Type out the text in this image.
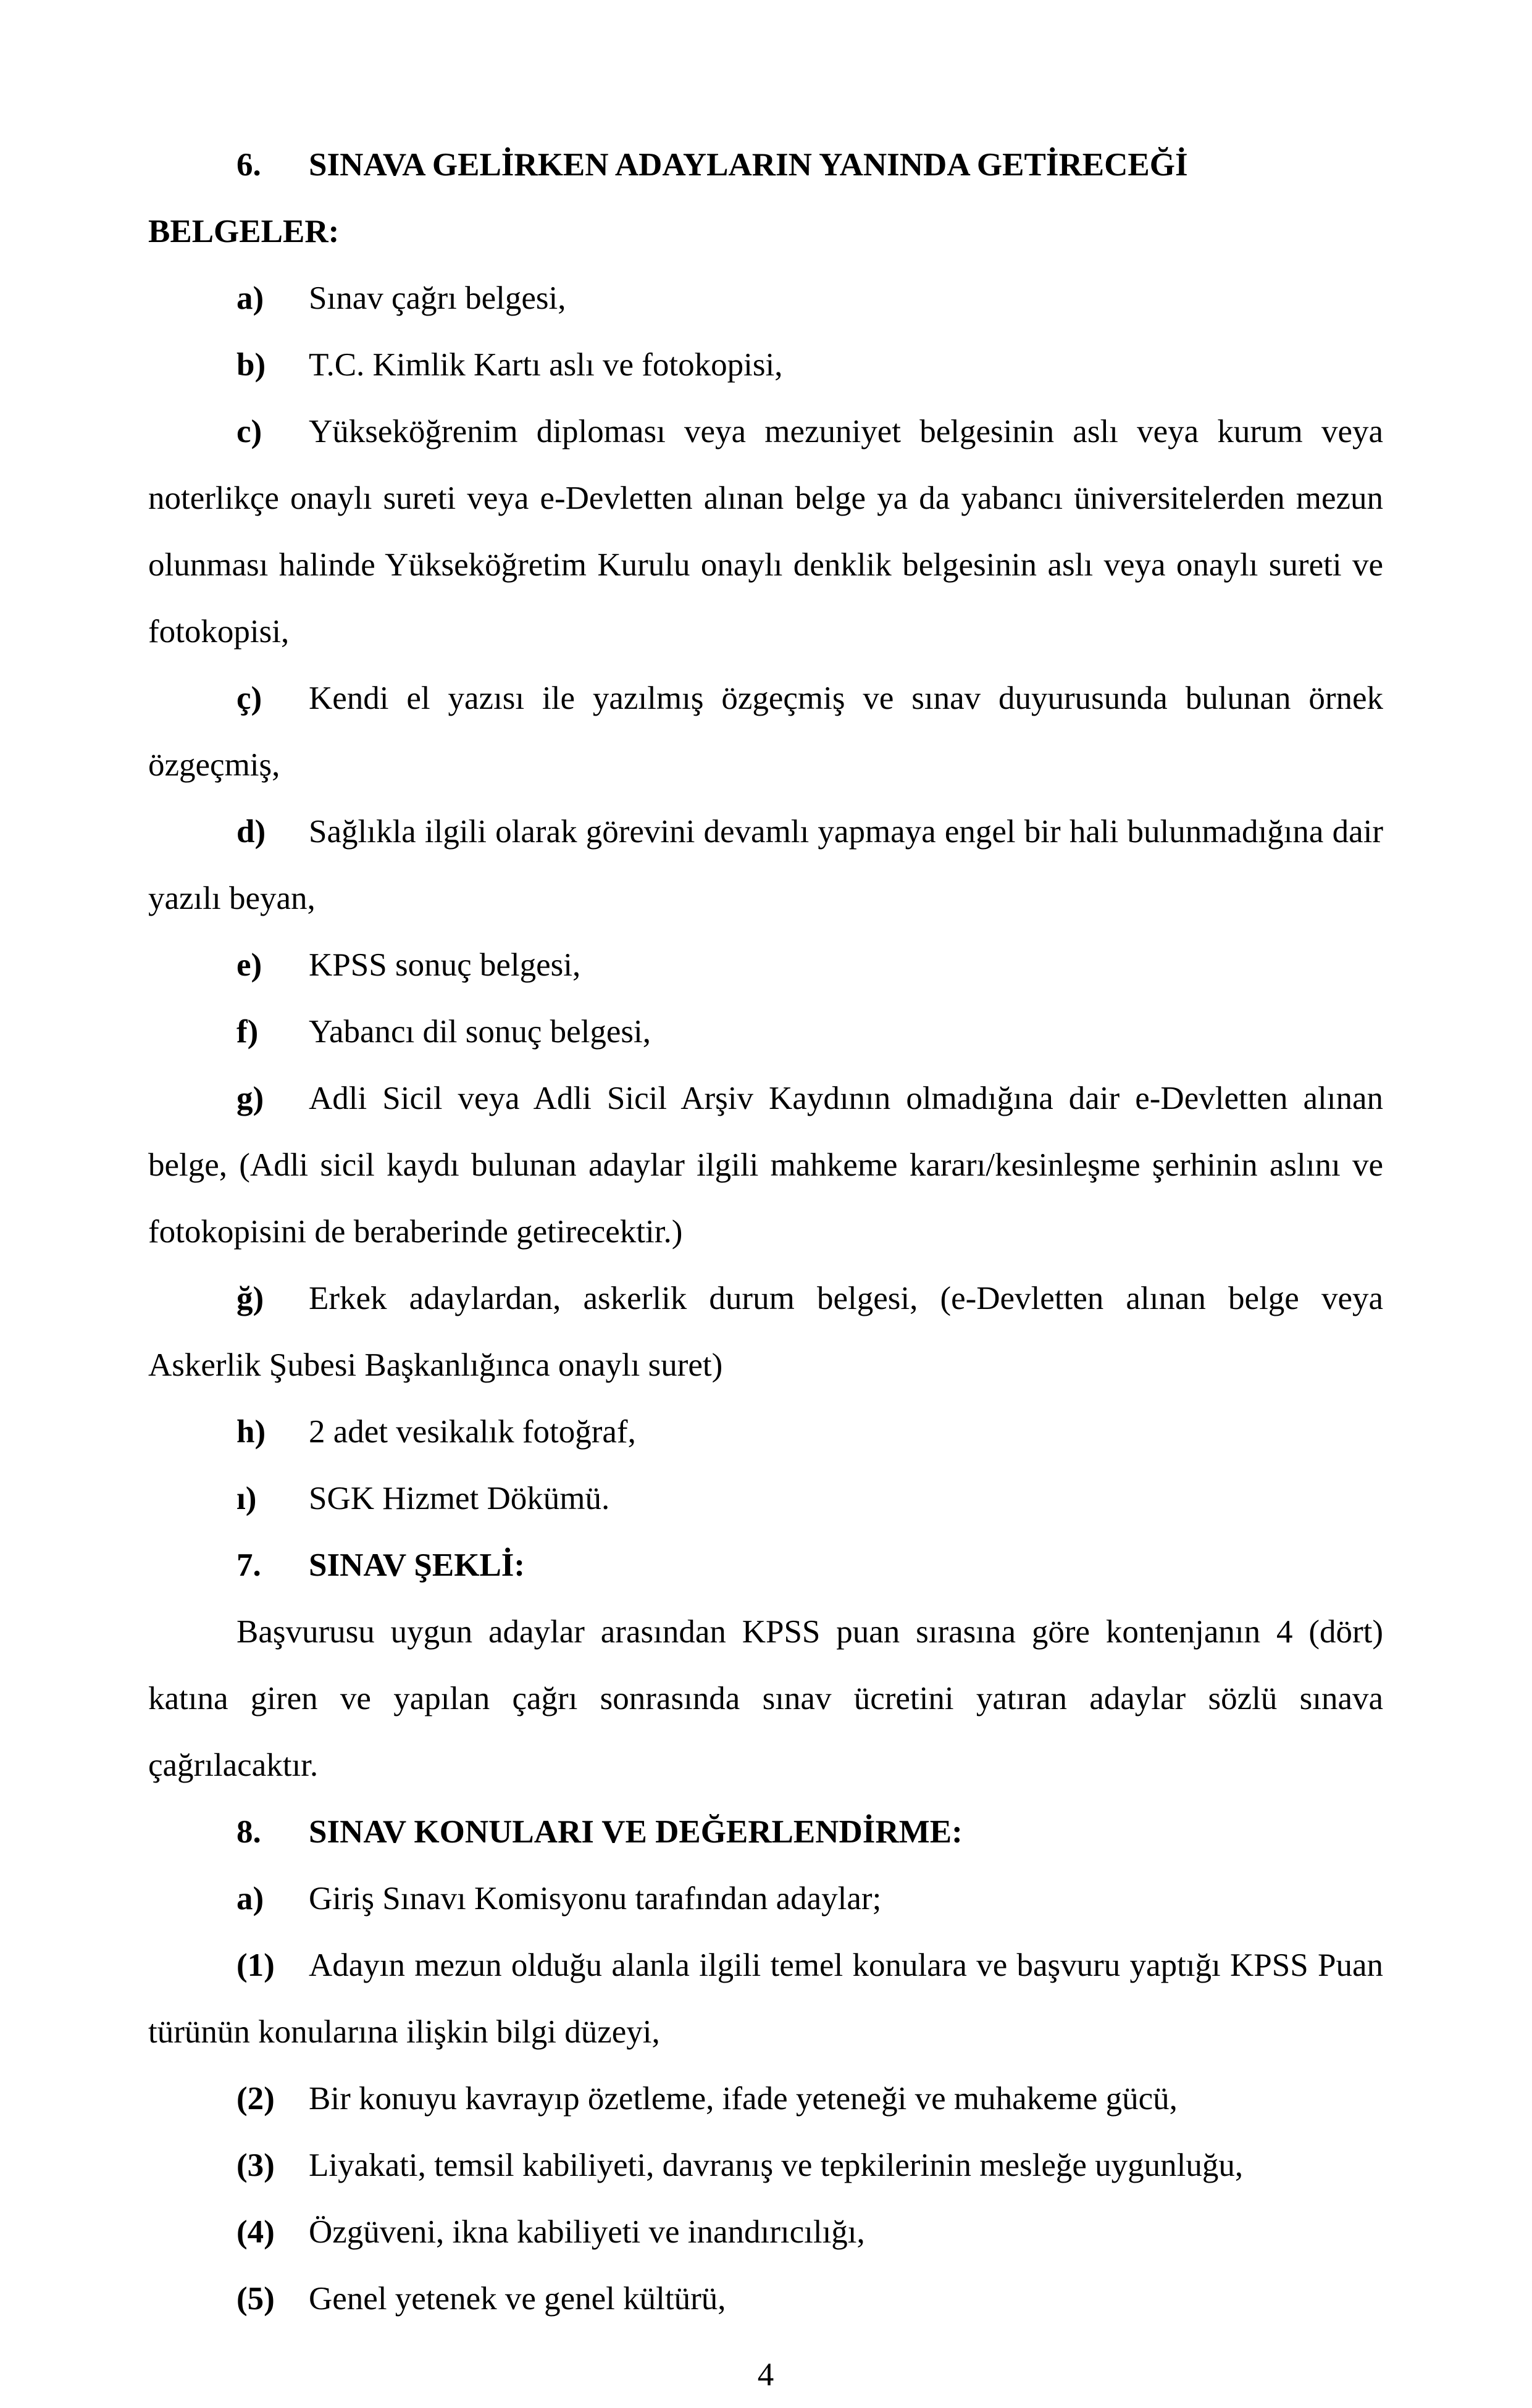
6. SINAVA GELİRKEN ADAYLARIN YANINDA GETİRECEĞİ BELGELER:

a) Sınav çağrı belgesi,

b) T.C. Kimlik Kartı aslı ve fotokopisi,

c) Yükseköğrenim diploması veya mezuniyet belgesinin aslı veya kurum veya noterlikçe onaylı sureti veya e-Devletten alınan belge ya da yabancı üniversitelerden mezun olunması halinde Yükseköğretim Kurulu onaylı denklik belgesinin aslı veya onaylı sureti ve fotokopisi,

ç) Kendi el yazısı ile yazılmış özgeçmiş ve sınav duyurusunda bulunan örnek özgeçmiş,

d) Sağlıkla ilgili olarak görevini devamlı yapmaya engel bir hali bulunmadığına dair yazılı beyan,

e) KPSS sonuç belgesi,

f) Yabancı dil sonuç belgesi,

g) Adli Sicil veya Adli Sicil Arşiv Kaydının olmadığına dair e-Devletten alınan belge, (Adli sicil kaydı bulunan adaylar ilgili mahkeme kararı/kesinleşme şerhinin aslını ve fotokopisini de beraberinde getirecektir.)

ğ) Erkek adaylardan, askerlik durum belgesi, (e-Devletten alınan belge veya Askerlik Şubesi Başkanlığınca onaylı suret)

h) 2 adet vesikalık fotoğraf,

ı) SGK Hizmet Dökümü.

7. SINAV ŞEKLİ:

Başvurusu uygun adaylar arasından KPSS puan sırasına göre kontenjanın 4 (dört) katına giren ve yapılan çağrı sonrasında sınav ücretini yatıran adaylar sözlü sınava çağrılacaktır.

8. SINAV KONULARI VE DEĞERLENDİRME:

a) Giriş Sınavı Komisyonu tarafından adaylar;

(1) Adayın mezun olduğu alanla ilgili temel konulara ve başvuru yaptığı KPSS Puan türünün konularına ilişkin bilgi düzeyi,

(2) Bir konuyu kavrayıp özetleme, ifade yeteneği ve muhakeme gücü,

(3) Liyakati, temsil kabiliyeti, davranış ve tepkilerinin mesleğe uygunluğu,

(4) Özgüveni, ikna kabiliyeti ve inandırıcılığı,

(5) Genel yetenek ve genel kültürü,

4
